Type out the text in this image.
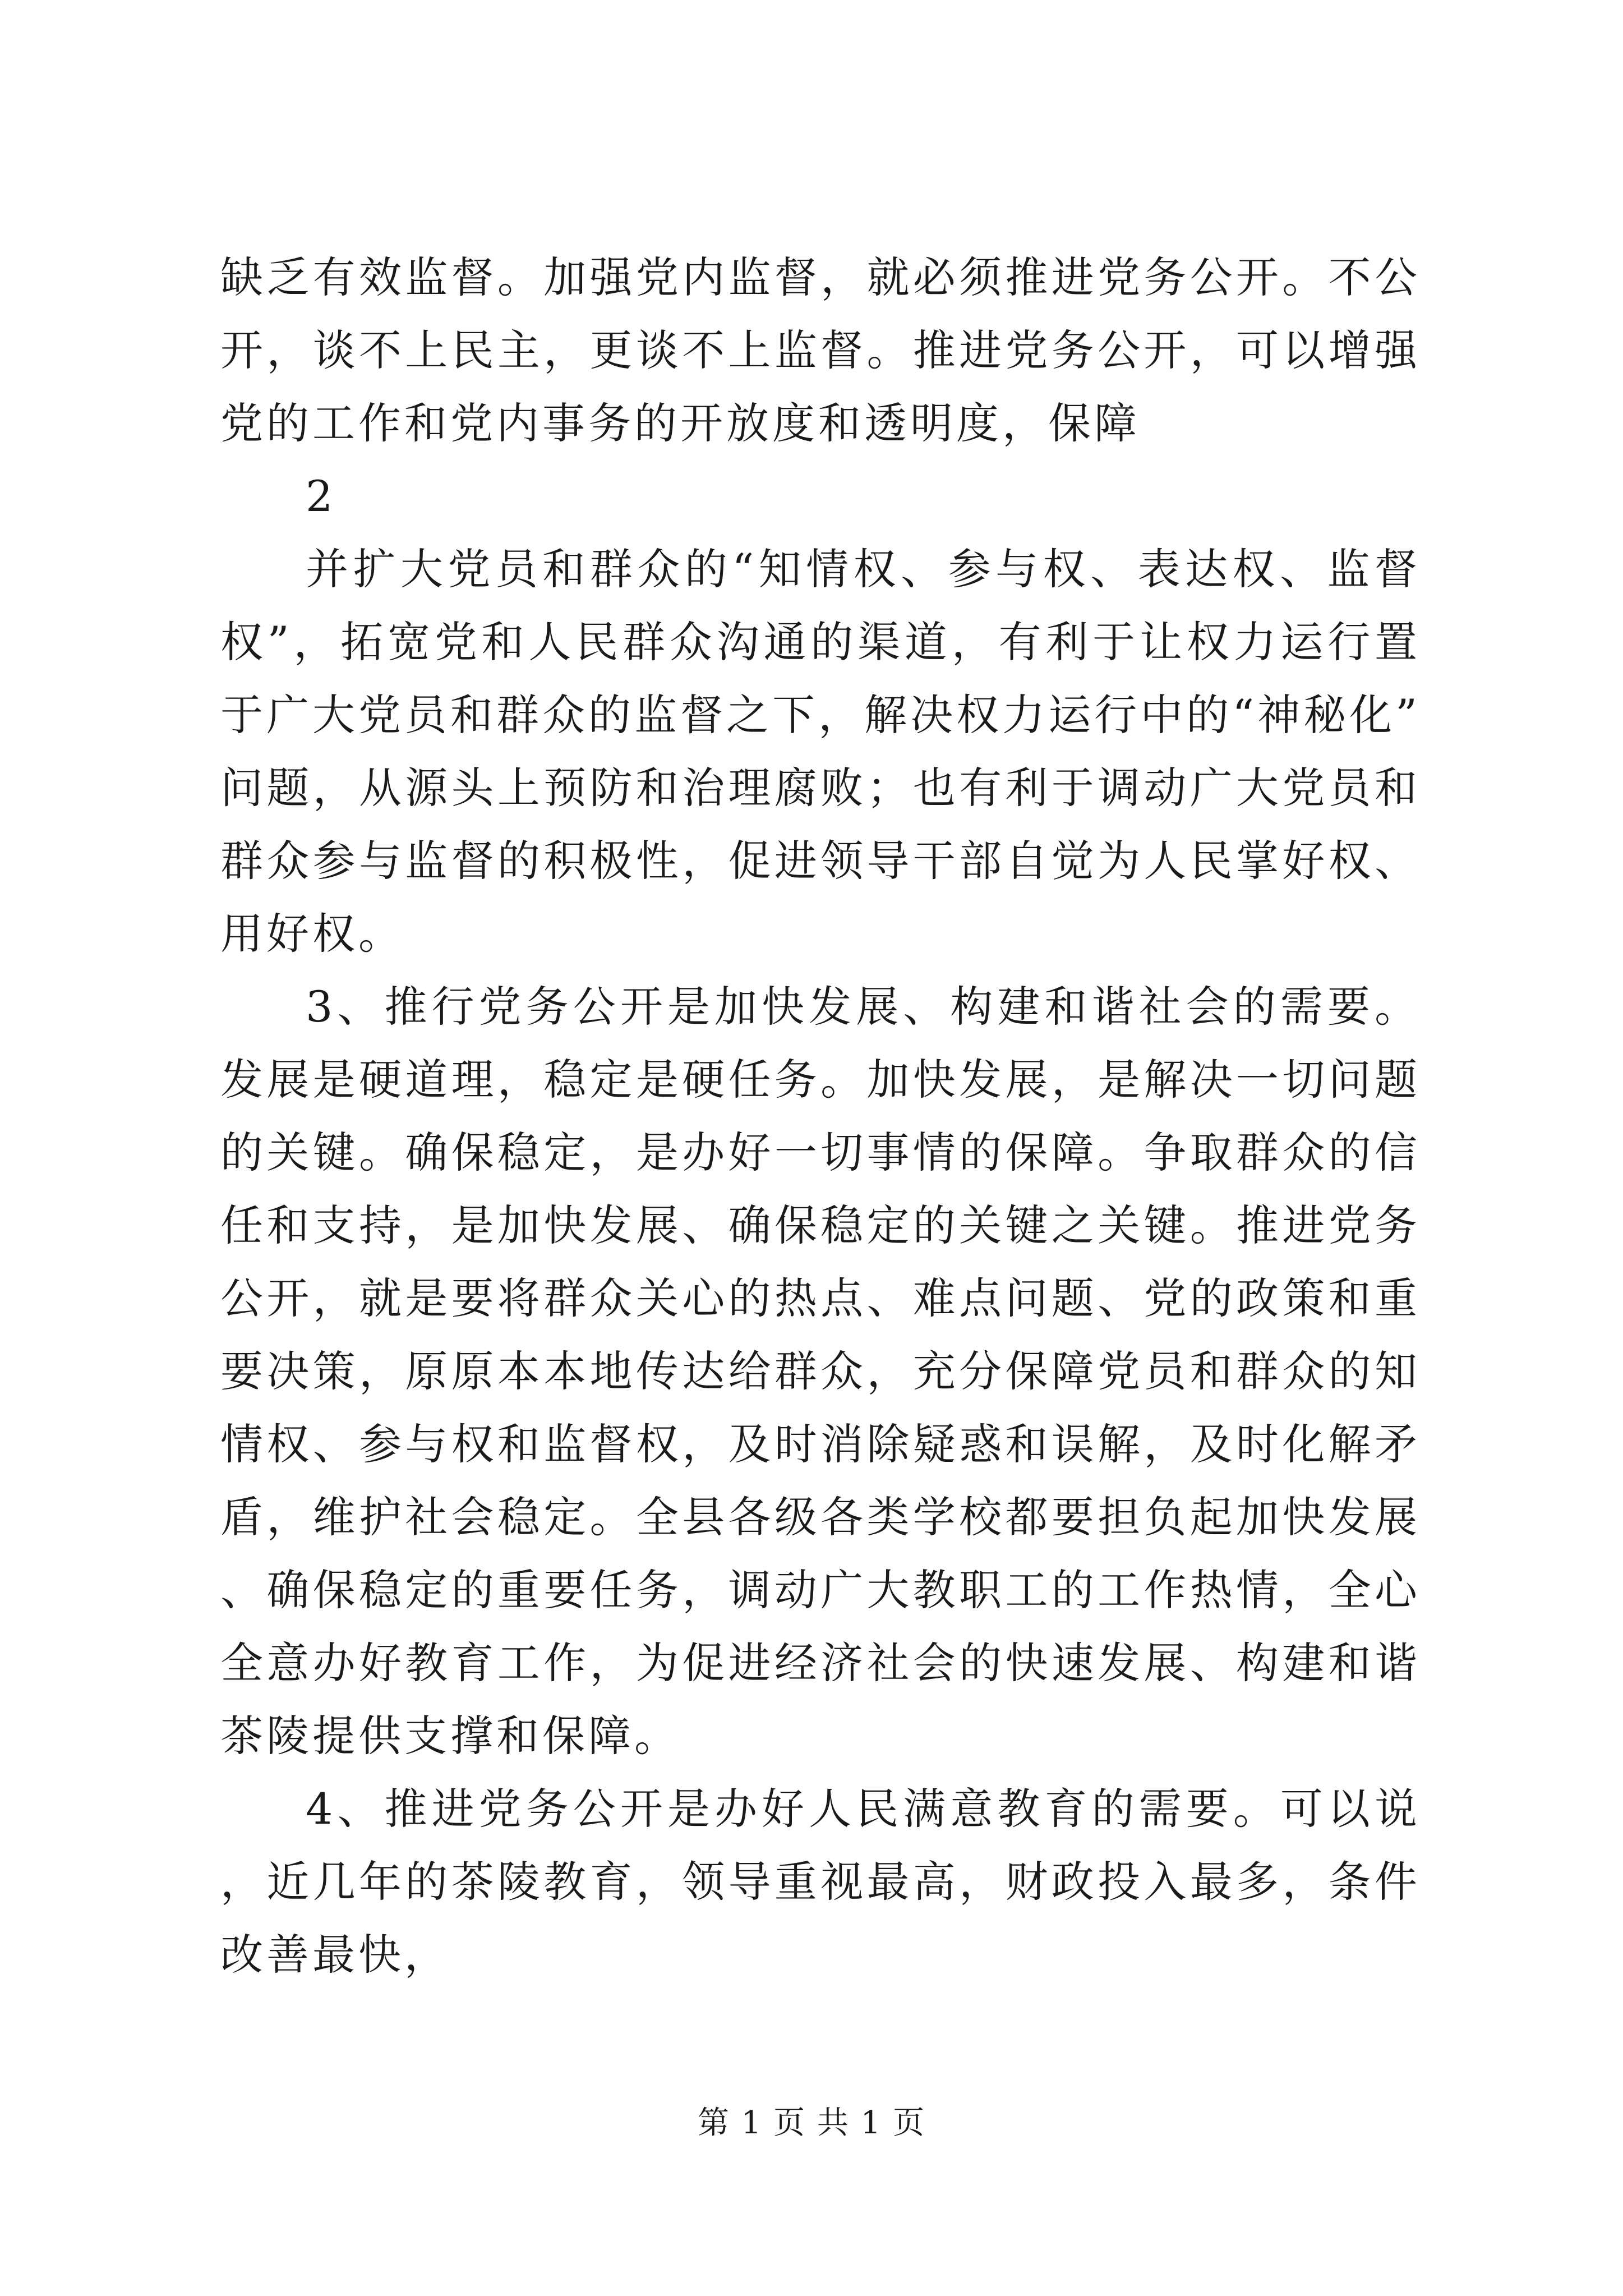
缺乏有效监督。加强党内监督，就必须推进党务公开。不公开，谈不上民主，更谈不上监督。推进党务公开，可以增强党的工作和党内事务的开放度和透明度，保障

2

并扩大党员和群众的“知情权、参与权、表达权、监督权”，拓宽党和人民群众沟通的渠道，有利于让权力运行置于广大党员和群众的监督之下，解决权力运行中的“神秘化”问题，从源头上预防和治理腐败；也有利于调动广大党员和群众参与监督的积极性，促进领导干部自觉为人民掌好权、用好权。

3、推行党务公开是加快发展、构建和谐社会的需要。发展是硬道理，稳定是硬任务。加快发展，是解决一切问题的关键。确保稳定，是办好一切事情的保障。争取群众的信任和支持，是加快发展、确保稳定的关键之关键。推进党务公开，就是要将群众关心的热点、难点问题、党的政策和重要决策，原原本本地传达给群众，充分保障党员和群众的知情权、参与权和监督权，及时消除疑惑和误解，及时化解矛盾，维护社会稳定。全县各级各类学校都要担负起加快发展、确保稳定的重要任务，调动广大教职工的工作热情，全心全意办好教育工作，为促进经济社会的快速发展、构建和谐茶陵提供支撑和保障。

4、推进党务公开是办好人民满意教育的需要。可以说，近几年的茶陵教育，领导重视最高，财政投入最多，条件改善最快，

第 1 页 共 1 页
